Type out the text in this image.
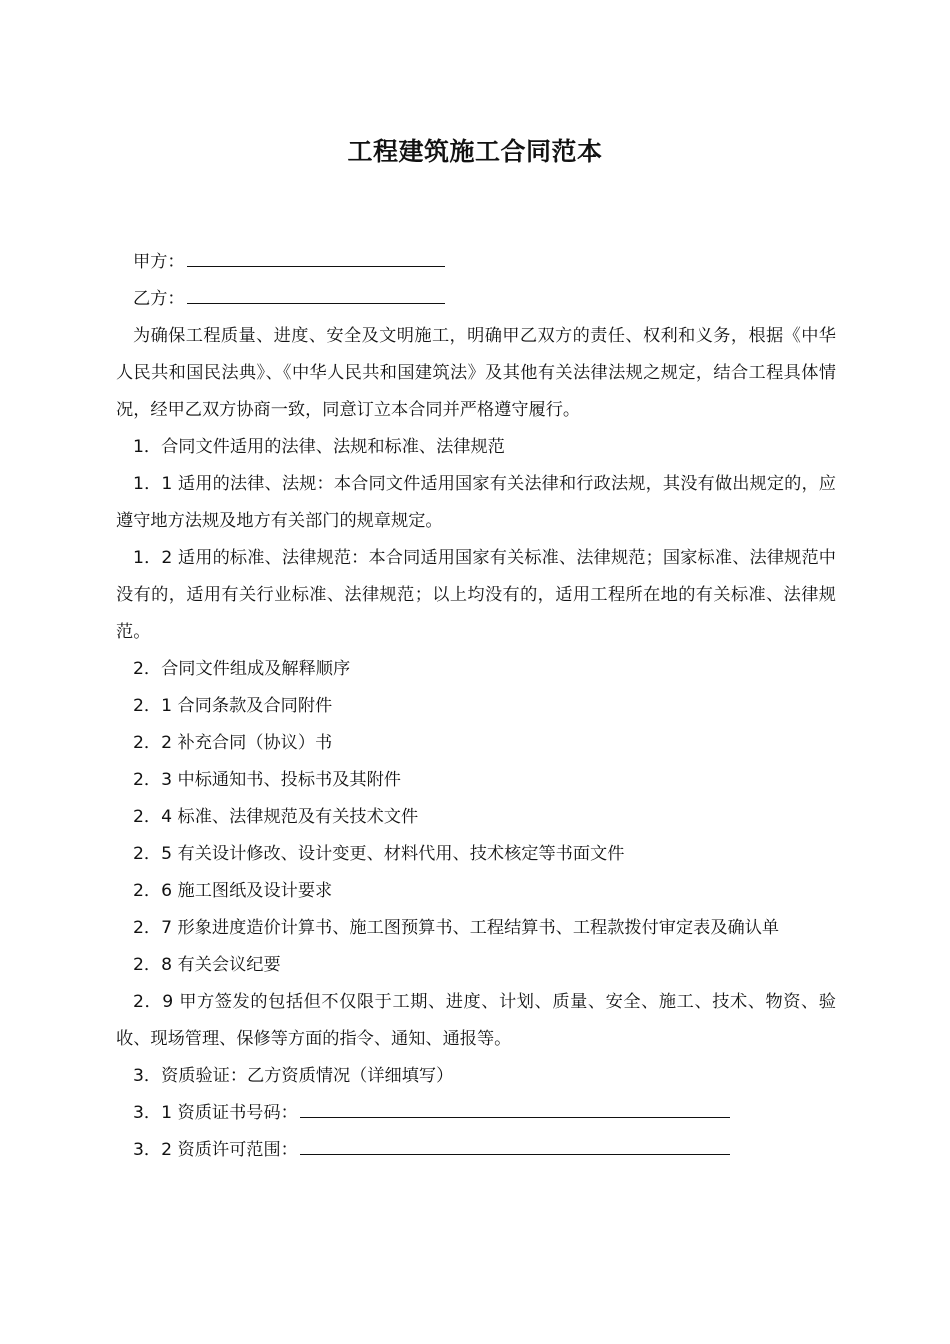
工程建筑施工合同范本

甲方：

乙方：

为确保工程质量、进度、安全及文明施工，明确甲乙双方的责任、权利和义务，根据《中华人民共和国民法典》、《中华人民共和国建筑法》及其他有关法律法规之规定，结合工程具体情况，经甲乙双方协商一致，同意订立本合同并严格遵守履行。

1．合同文件适用的法律、法规和标准、法律规范

1．1 适用的法律、法规：本合同文件适用国家有关法律和行政法规，其没有做出规定的，应遵守地方法规及地方有关部门的规章规定。

1．2 适用的标准、法律规范：本合同适用国家有关标准、法律规范；国家标准、法律规范中没有的，适用有关行业标准、法律规范；以上均没有的，适用工程所在地的有关标准、法律规范。

2．合同文件组成及解释顺序

2．1 合同条款及合同附件

2．2 补充合同（协议）书

2．3 中标通知书、投标书及其附件

2．4 标准、法律规范及有关技术文件

2．5 有关设计修改、设计变更、材料代用、技术核定等书面文件

2．6 施工图纸及设计要求

2．7 形象进度造价计算书、施工图预算书、工程结算书、工程款拨付审定表及确认单

2．8 有关会议纪要

2．9 甲方签发的包括但不仅限于工期、进度、计划、质量、安全、施工、技术、物资、验收、现场管理、保修等方面的指令、通知、通报等。

3．资质验证：乙方资质情况（详细填写）

3．1 资质证书号码：

3．2 资质许可范围：
